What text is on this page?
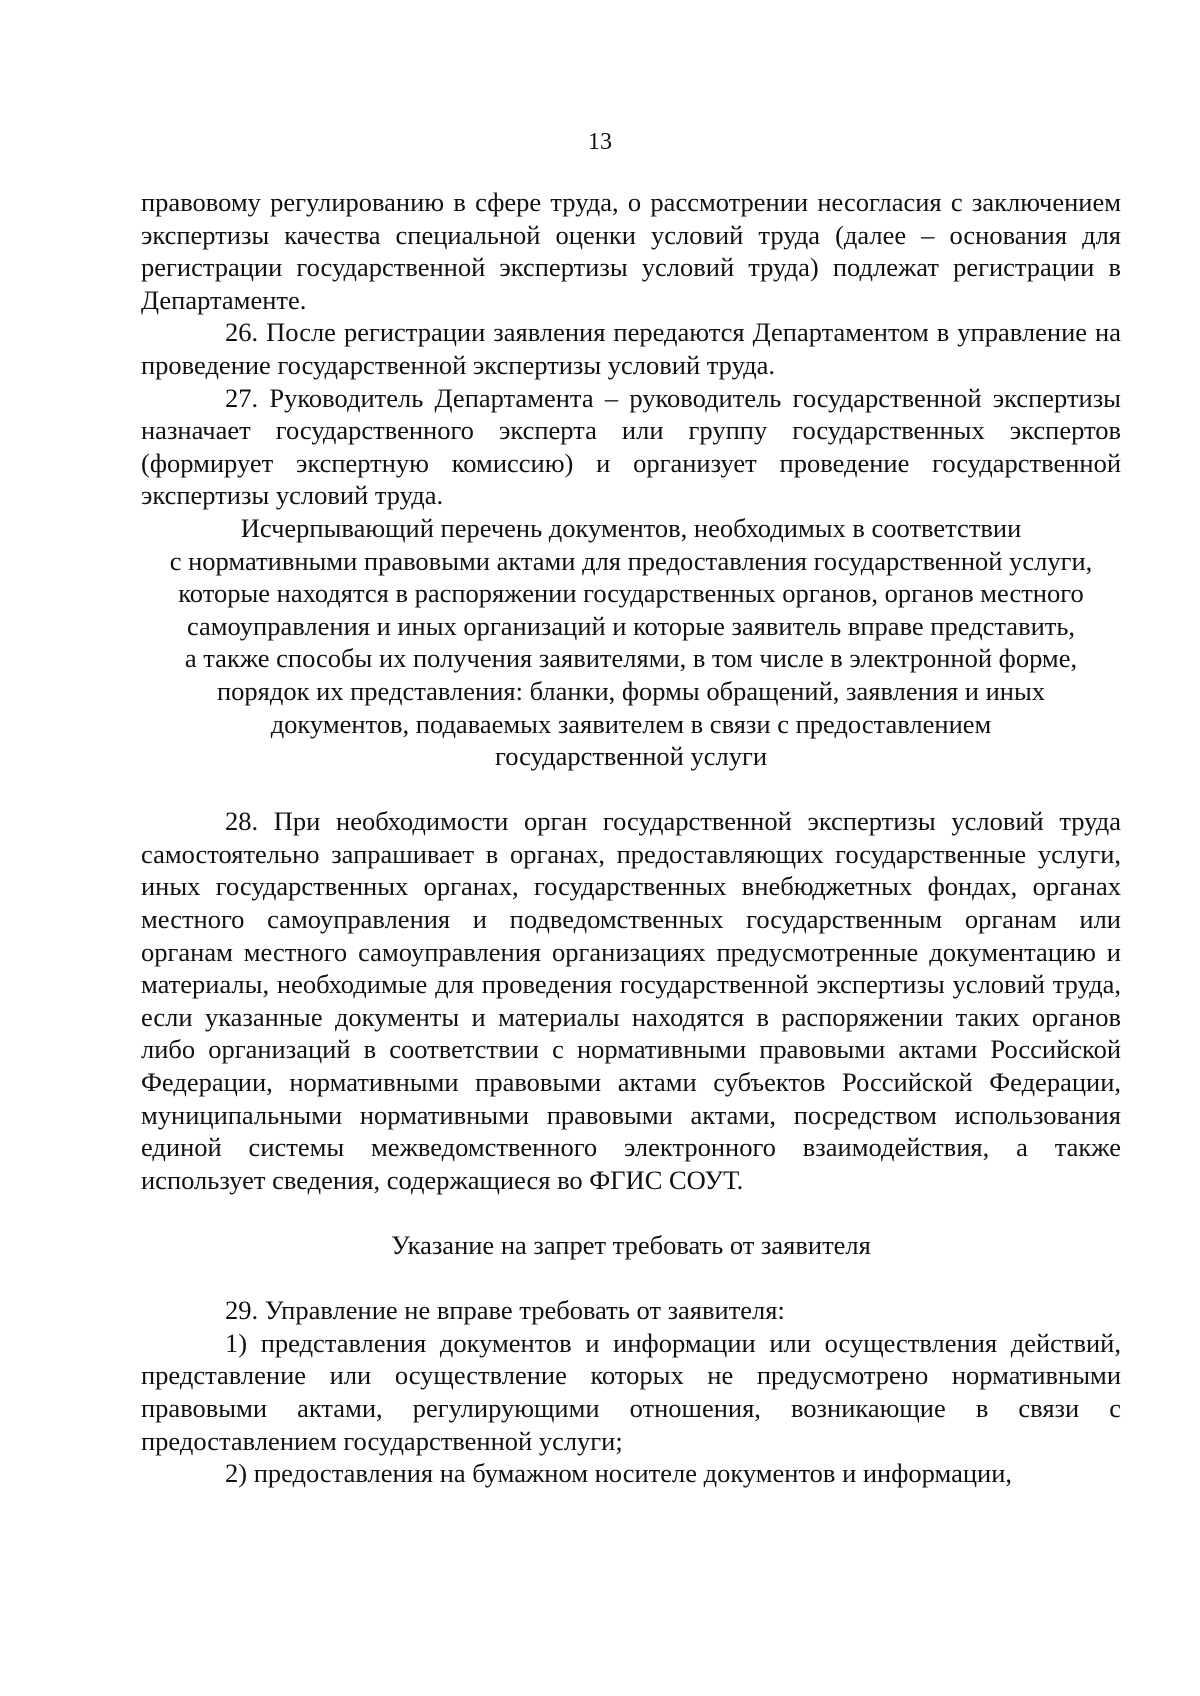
13

правовому регулированию в сфере труда, о рассмотрении несогласия с заключением экспертизы качества специальной оценки условий труда (далее – основания для регистрации государственной экспертизы условий труда) подлежат регистрации в Департаменте.

26. После регистрации заявления передаются Департаментом в управление на проведение государственной экспертизы условий труда.

27. Руководитель Департамента – руководитель государственной экспертизы назначает государственного эксперта или группу государственных экспертов (формирует экспертную комиссию) и организует проведение государственной экспертизы условий труда.

Исчерпывающий перечень документов, необходимых в соответствии
с нормативными правовыми актами для предоставления государственной услуги,
которые находятся в распоряжении государственных органов, органов местного
самоуправления и иных организаций и которые заявитель вправе представить,
а также способы их получения заявителями, в том числе в электронной форме,
порядок их представления: бланки, формы обращений, заявления и иных
документов, подаваемых заявителем в связи с предоставлением
государственной услуги

28. При необходимости орган государственной экспертизы условий труда самостоятельно запрашивает в органах, предоставляющих государственные услуги, иных государственных органах, государственных внебюджетных фондах, органах местного самоуправления и подведомственных государственным органам или органам местного самоуправления организациях предусмотренные документацию и материалы, необходимые для проведения государственной экспертизы условий труда, если указанные документы и материалы находятся в распоряжении таких органов либо организаций в соответствии с нормативными правовыми актами Российской Федерации, нормативными правовыми актами субъектов Российской Федерации, муниципальными нормативными правовыми актами, посредством использования единой системы межведомственного электронного взаимодействия, а также использует сведения, содержащиеся во ФГИС СОУТ.

Указание на запрет требовать от заявителя

29. Управление не вправе требовать от заявителя:

1) представления документов и информации или осуществления действий, представление или осуществление которых не предусмотрено нормативными правовыми актами, регулирующими отношения, возникающие в связи с предоставлением государственной услуги;

2) предоставления на бумажном носителе документов и информации,
